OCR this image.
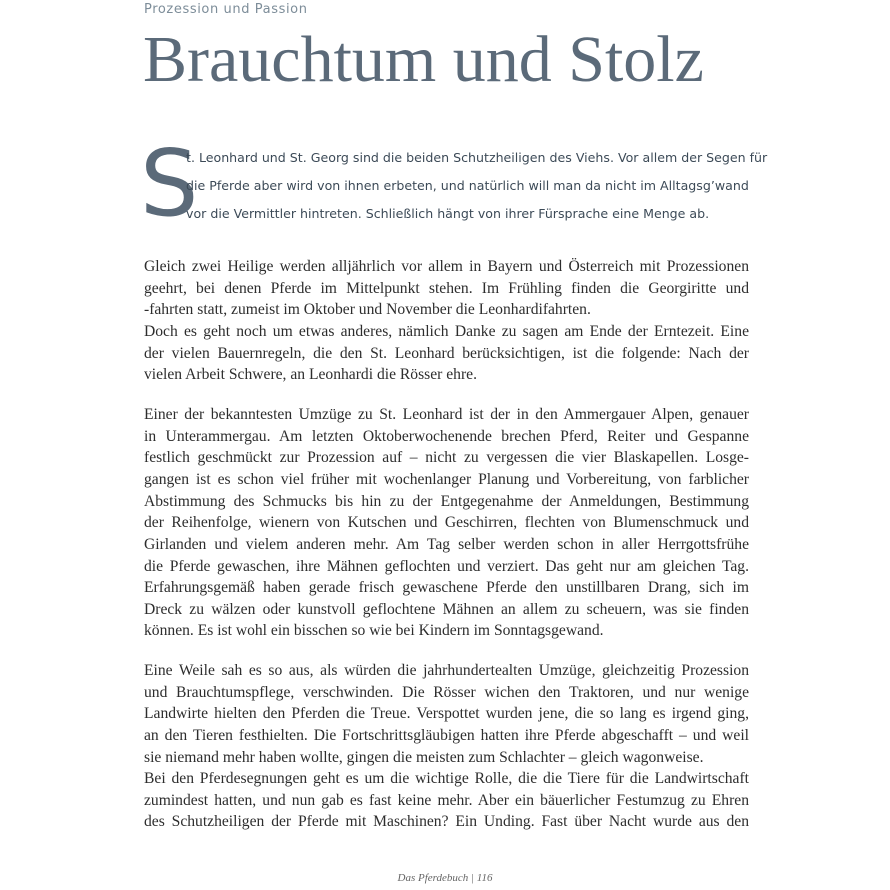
Prozession und Passion
Brauchtum und Stolz
S
t. Leonhard und St. Georg sind die beiden Schutzheiligen des Viehs. Vor allem der Segen für
die Pferde aber wird von ihnen erbeten, und natürlich will man da nicht im Alltagsg’wand
vor die Vermittler hintreten. Schließlich hängt von ihrer Fürsprache eine Menge ab.
Gleich zwei Heilige werden alljährlich vor allem in Bayern und Österreich mit Prozessionen
geehrt, bei denen Pferde im Mittelpunkt stehen. Im Frühling finden die Georgiritte und
-fahrten statt, zumeist im Oktober und November die Leonhardifahrten.
Doch es geht noch um etwas anderes, nämlich Danke zu sagen am Ende der Erntezeit. Eine
der vielen Bauernregeln, die den St. Leonhard berücksichtigen, ist die folgende: Nach der
vielen Arbeit Schwere, an Leonhardi die Rösser ehre.
Einer der bekanntesten Umzüge zu St. Leonhard ist der in den Ammergauer Alpen, genauer
in Unterammergau. Am letzten Oktoberwochenende brechen Pferd, Reiter und Gespanne
festlich geschmückt zur Prozession auf – nicht zu vergessen die vier Blaskapellen. Losge-
gangen ist es schon viel früher mit wochenlanger Planung und Vorbereitung, von farblicher
Abstimmung des Schmucks bis hin zu der Entgegenahme der Anmeldungen, Bestimmung
der Reihenfolge, wienern von Kutschen und Geschirren, flechten von Blumenschmuck und
Girlanden und vielem anderen mehr. Am Tag selber werden schon in aller Herrgottsfrühe
die Pferde gewaschen, ihre Mähnen geflochten und verziert. Das geht nur am gleichen Tag.
Erfahrungsgemäß haben gerade frisch gewaschene Pferde den unstillbaren Drang, sich im
Dreck zu wälzen oder kunstvoll geflochtene Mähnen an allem zu scheuern, was sie finden
können. Es ist wohl ein bisschen so wie bei Kindern im Sonntagsgewand.
Eine Weile sah es so aus, als würden die jahrhundertealten Umzüge, gleichzeitig Prozession
und Brauchtumspflege, verschwinden. Die Rösser wichen den Traktoren, und nur wenige
Landwirte hielten den Pferden die Treue. Verspottet wurden jene, die so lang es irgend ging,
an den Tieren festhielten. Die Fortschrittsgläubigen hatten ihre Pferde abgeschafft – und weil
sie niemand mehr haben wollte, gingen die meisten zum Schlachter – gleich wagonweise.
Bei den Pferdesegnungen geht es um die wichtige Rolle, die die Tiere für die Landwirtschaft
zumindest hatten, und nun gab es fast keine mehr. Aber ein bäuerlicher Festumzug zu Ehren
des Schutzheiligen der Pferde mit Maschinen? Ein Unding. Fast über Nacht wurde aus den
Das Pferdebuch | 116
